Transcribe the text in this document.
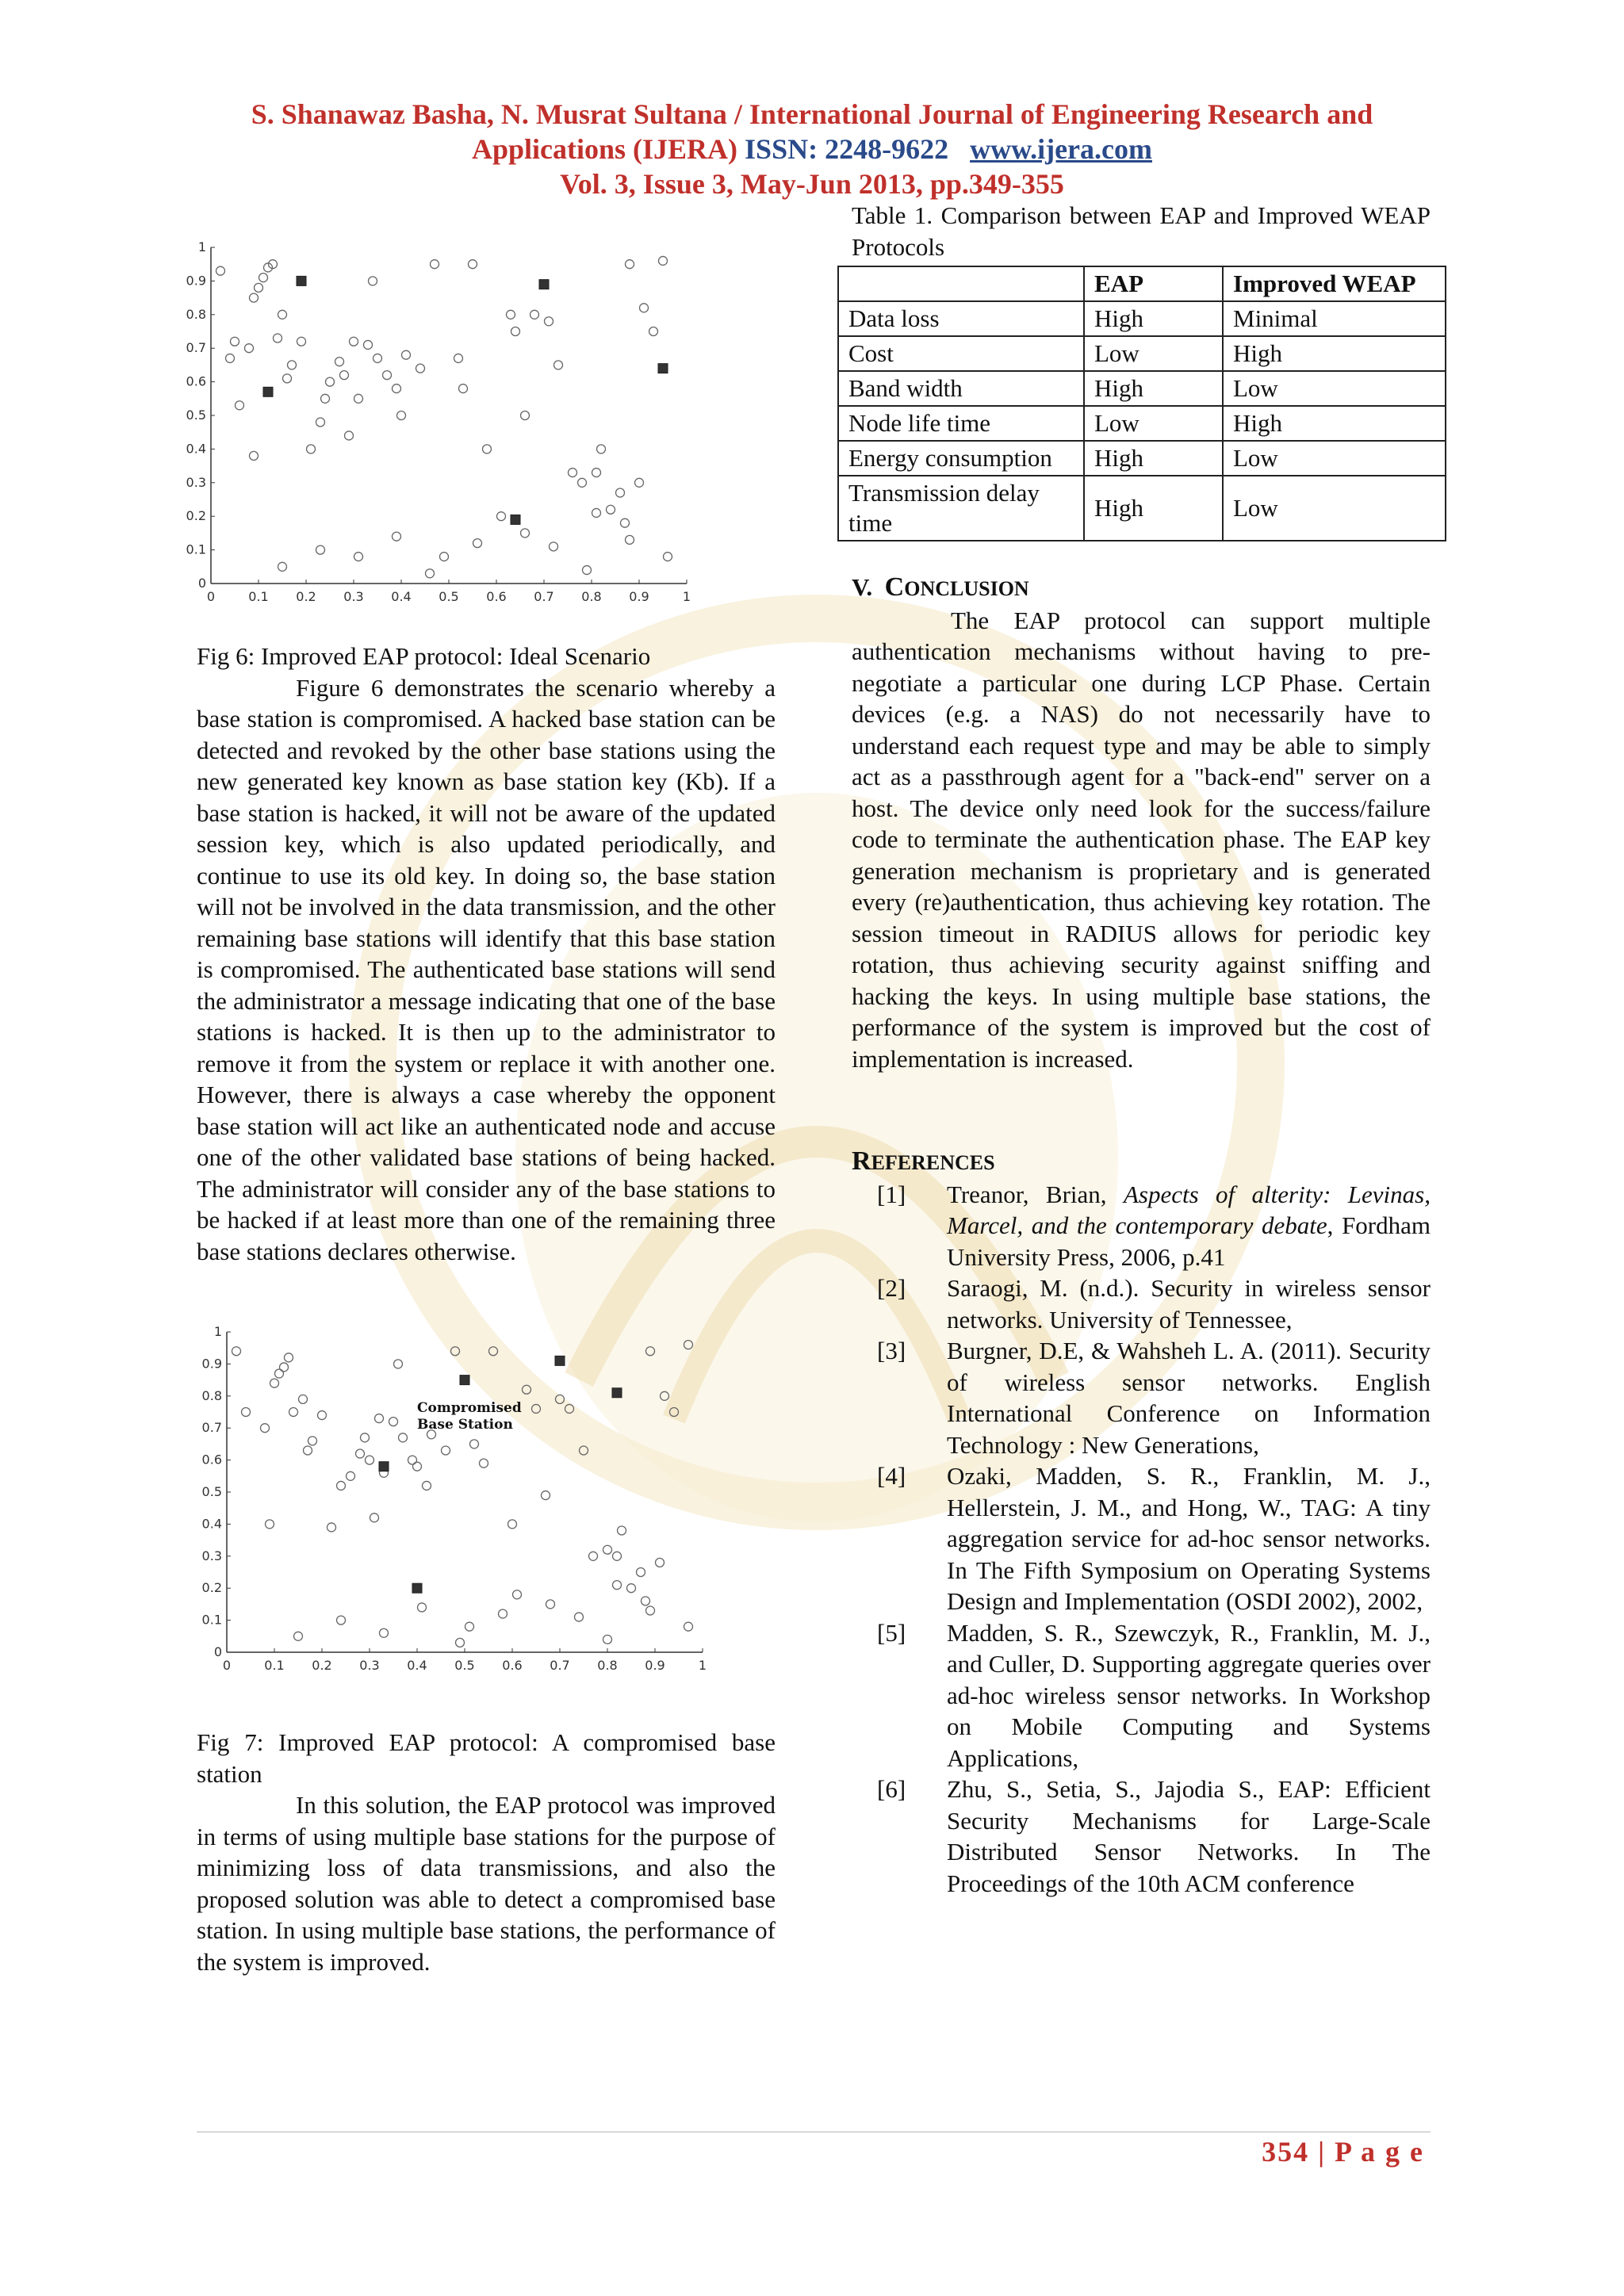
S. Shanawaz Basha, N. Musrat Sultana / International Journal of Engineering Research and
Applications (IJERA) ISSN: 2248-9622 www.ijera.com
Vol. 3, Issue 3, May-Jun 2013, pp.349-355
0	0.1 0.2 0.3 0.4 0.5 0.6 0.7 0.8 0.9	1
0
0.1
0.2
0.3
0.4
0.5
0.6
0.7
0.8
0.9
1

Fig 6: Improved EAP protocol: Ideal Scenario

Figure 6 demonstrates the scenario whereby a base station is compromised. A hacked base station can be detected and revoked by the other base stations using the new generated key known as base station key (Kb). If a base station is hacked, it will not be aware of the updated session key, which is also updated periodically, and continue to use its old key. In doing so, the base station will not be involved in the data transmission, and the other remaining base stations will identify that this base station is compromised. The authenticated base stations will send the administrator a message indicating that one of the base stations is hacked. It is then up to the administrator to remove it from the system or replace it with another one. However, there is always a case whereby the opponent base station will act like an authenticated node and accuse one of the other validated base stations of being hacked. The administrator will consider any of the base stations to be hacked if at least more than one of the remaining three base stations declares otherwise.

0	0.1 0.2 0.3 0.4 0.5 0.6 0.7 0.8 0.9	1
0
0.1
0.2
0.3
0.4
0.5
0.6
0.7
0.8
0.9
1
Compromised
Base Station

Fig 7: Improved EAP protocol: A compromised base station

In this solution, the EAP protocol was improved in terms of using multiple base stations for the purpose of minimizing loss of data transmissions, and also the proposed solution was able to detect a compromised base station. In using multiple base stations, the performance of the system is improved.

Table 1. Comparison between EAP and Improved WEAP Protocols

	EAP	Improved WEAP
Data loss	High	Minimal
Cost	Low	High
Band width	High	Low
Node life time	Low	High
Energy consumption	High	Low
Transmission delay time	High	Low

V. CONCLUSION

The EAP protocol can support multiple authentication mechanisms without having to pre-negotiate a particular one during LCP Phase. Certain devices (e.g. a NAS) do not necessarily have to understand each request type and may be able to simply act as a passthrough agent for a "back-end" server on a host. The device only need look for the success/failure code to terminate the authentication phase. The EAP key generation mechanism is proprietary and is generated every (re)authentication, thus achieving key rotation. The session timeout in RADIUS allows for periodic key rotation, thus achieving security against sniffing and hacking the keys. In using multiple base stations, the performance of the system is improved but the cost of implementation is increased.

REFERENCES

[1]	Treanor, Brian, Aspects of alterity: Levinas, Marcel, and the contemporary debate, Fordham University Press, 2006, p.41
[2]	Saraogi, M. (n.d.). Security in wireless sensor networks. University of Tennessee,
[3]	Burgner, D.E, & Wahsheh L. A. (2011). Security of wireless sensor networks. English International Conference on Information Technology : New Generations,
[4]	Ozaki, Madden, S. R., Franklin, M. J., Hellerstein, J. M., and Hong, W., TAG: A tiny aggregation service for ad-hoc sensor networks. In The Fifth Symposium on Operating Systems Design and Implementation (OSDI 2002), 2002,
[5]	Madden, S. R., Szewczyk, R., Franklin, M. J., and Culler, D. Supporting aggregate queries over ad-hoc wireless sensor networks. In Workshop on Mobile Computing and Systems Applications,
[6]	Zhu, S., Setia, S., Jajodia S., EAP: Efficient Security Mechanisms for Large-Scale Distributed Sensor Networks. In The Proceedings of the 10th ACM conference
354 | P a g e
